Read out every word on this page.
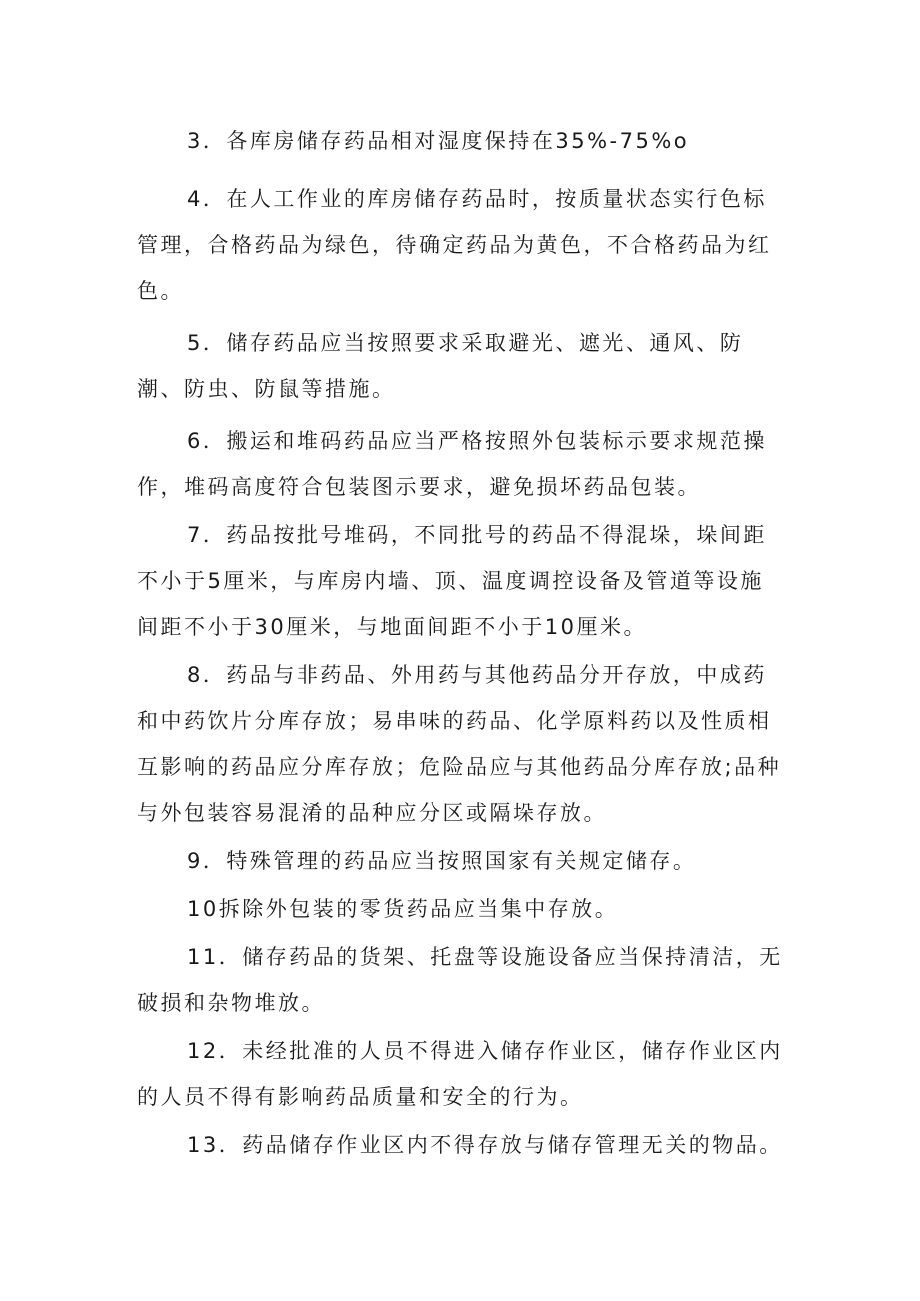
3．各库房储存药品相对湿度保持在35%-75%o

4．在人工作业的库房储存药品时，按质量状态实行色标管理，合格药品为绿色，待确定药品为黄色，不合格药品为红色。

5．储存药品应当按照要求采取避光、遮光、通风、防潮、防虫、防鼠等措施。

6．搬运和堆码药品应当严格按照外包装标示要求规范操作，堆码高度符合包装图示要求，避免损坏药品包装。

7．药品按批号堆码，不同批号的药品不得混垛，垛间距不小于5厘米，与库房内墙、顶、温度调控设备及管道等设施间距不小于30厘米，与地面间距不小于10厘米。

8．药品与非药品、外用药与其他药品分开存放，中成药和中药饮片分库存放；易串味的药品、化学原料药以及性质相互影响的药品应分库存放；危险品应与其他药品分库存放;品种与外包装容易混淆的品种应分区或隔垛存放。

9．特殊管理的药品应当按照国家有关规定储存。

10拆除外包装的零货药品应当集中存放。

11．储存药品的货架、托盘等设施设备应当保持清洁，无破损和杂物堆放。

12．未经批准的人员不得进入储存作业区，储存作业区内的人员不得有影响药品质量和安全的行为。

13．药品储存作业区内不得存放与储存管理无关的物品。
